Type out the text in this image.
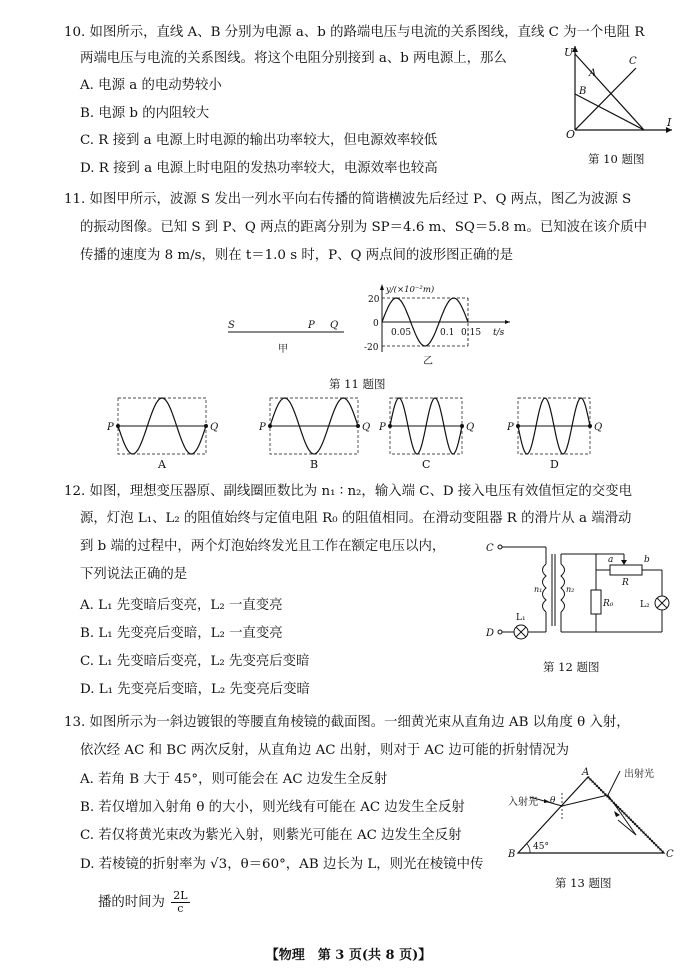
10. 如图所示，直线 A、B 分别为电源 a、b 的路端电压与电流的关系图线，直线 C 为一个电阻 R
两端电压与电流的关系图线。将这个电阻分别接到 a、b 两电源上，那么
A. 电源 a 的电动势较小
B. 电源 b 的内阻较大
C. R 接到 a 电源上时电源的输出功率较大，但电源效率较低
D. R 接到 a 电源上时电阻的发热功率较大，电源效率也较高
U
I
O
A
B
C
第 10 题图
11. 如图甲所示，波源 S 发出一列水平向右传播的简谐横波先后经过 P、Q 两点，图乙为波源 S
的振动图像。已知 S 到 P、Q 两点的距离分别为 SP＝4.6 m、SQ＝5.8 m。已知波在该介质中
传播的速度为 8 m/s，则在 t＝1.0 s 时，P、Q 两点间的波形图正确的是
S	P Q
甲
y/(×10⁻²m)
20
0
-20
0.05	0.1 0.15 t/s
乙
第 11 题图
P	Q
A
P	Q
B
P	Q
C
P	Q
D
12. 如图，理想变压器原、副线圈匝数比为 n₁ ∶ n₂，输入端 C、D 接入电压有效值恒定的交变电
源，灯泡 L₁、L₂ 的阻值始终与定值电阻 R₀ 的阻值相同。在滑动变阻器 R 的滑片从 a 端滑动
到 b 端的过程中，两个灯泡始终发光且工作在额定电压以内，
下列说法正确的是
A. L₁ 先变暗后变亮，L₂ 一直变亮
B. L₁ 先变亮后变暗，L₂ 一直变亮
C. L₁ 先变暗后变亮，L₂ 先变亮后变暗
D. L₁ 先变亮后变暗，L₂ 先变亮后变暗
C
D
n₁	n₂
a	b
R
R₀
L₁
L₂
第 12 题图
13. 如图所示为一斜边镀银的等腰直角棱镜的截面图。一细黄光束从直角边 AB 以角度 θ 入射，
依次经 AC 和 BC 两次反射，从直角边 AC 出射，则对于 AC 边可能的折射情况为
A. 若角 B 大于 45°，则可能会在 AC 边发生全反射
B. 若仅增加入射角 θ 的大小，则光线有可能在 AC 边发生全反射
C. 若仅将黄光束改为紫光入射，则紫光可能在 AC 边发生全反射
D. 若棱镜的折射率为 √3，θ＝60°，AB 边长为 L，则光在棱镜中传
播的时间为 $\frac{2L}{c}$
A
B	C
入射光
出射光
θ
45°
第 13 题图
【物理　第 3 页(共 8 页)】
